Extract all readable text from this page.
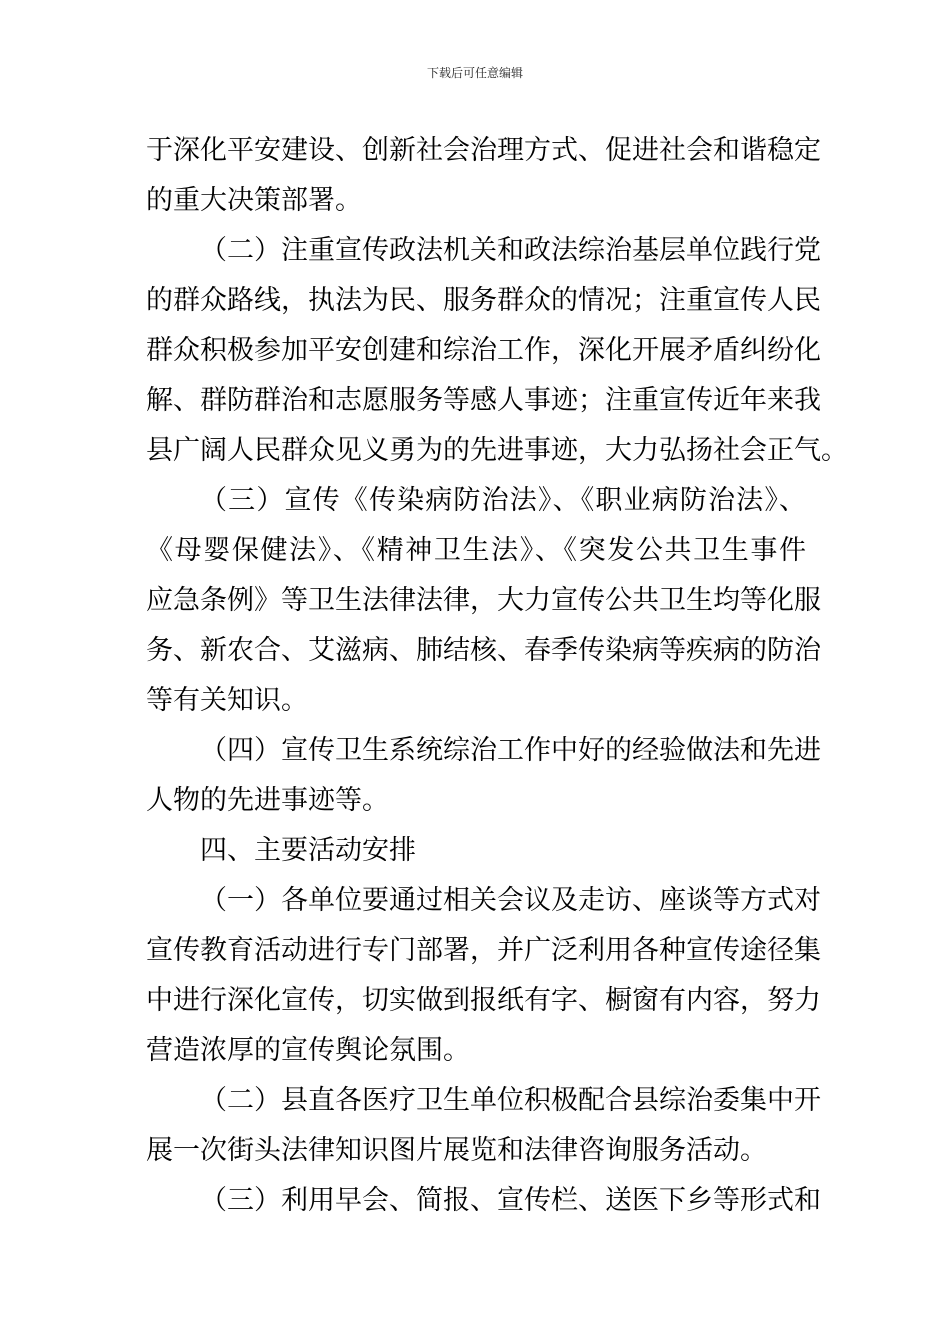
下载后可任意编辑
于深化平安建设、创新社会治理方式、促进社会和谐稳定
的重大决策部署。
（二）注重宣传政法机关和政法综治基层单位践行党
的群众路线，执法为民、服务群众的情况；注重宣传人民
群众积极参加平安创建和综治工作，深化开展矛盾纠纷化
解、群防群治和志愿服务等感人事迹；注重宣传近年来我
县广阔人民群众见义勇为的先进事迹，大力弘扬社会正气。
（三）宣传《传染病防治法》、《职业病防治法》、
《母婴保健法》、《精神卫生法》、《突发公共卫生事件
应急条例》等卫生法律法律，大力宣传公共卫生均等化服
务、新农合、艾滋病、肺结核、春季传染病等疾病的防治
等有关知识。
（四）宣传卫生系统综治工作中好的经验做法和先进
人物的先进事迹等。
四、主要活动安排
（一）各单位要通过相关会议及走访、座谈等方式对
宣传教育活动进行专门部署，并广泛利用各种宣传途径集
中进行深化宣传，切实做到报纸有字、橱窗有内容，努力
营造浓厚的宣传舆论氛围。
（二）县直各医疗卫生单位积极配合县综治委集中开
展一次街头法律知识图片展览和法律咨询服务活动。
（三）利用早会、简报、宣传栏、送医下乡等形式和
